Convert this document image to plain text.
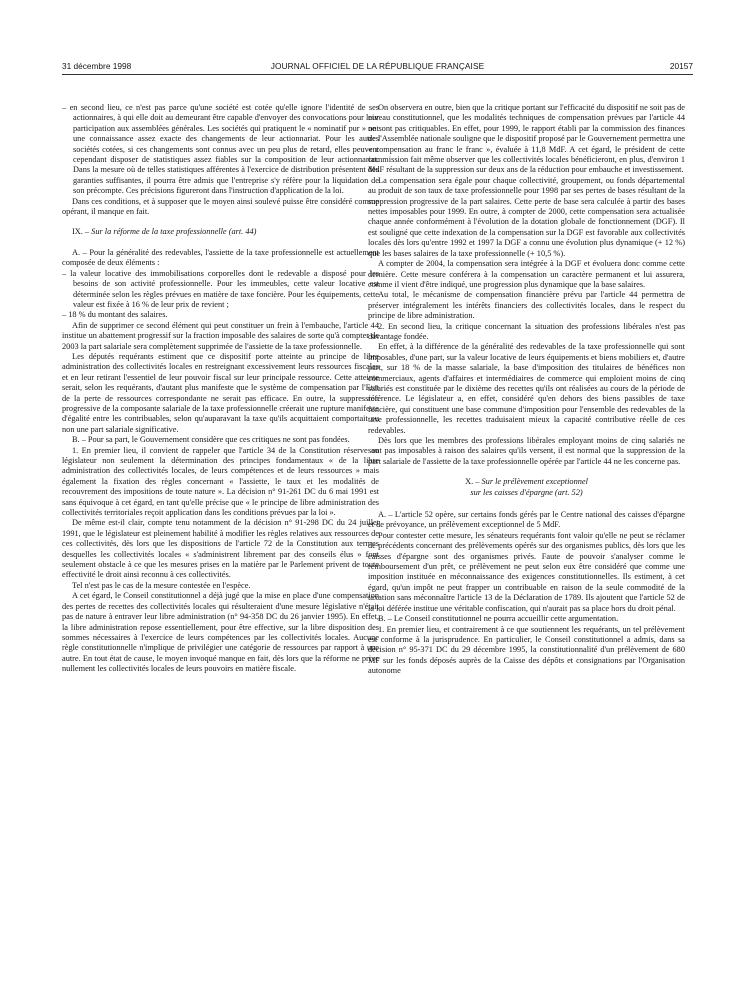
31 décembre 1998	JOURNAL OFFICIEL DE LA RÉPUBLIQUE FRANÇAISE	20157

– en second lieu, ce n'est pas parce qu'une société est cotée qu'elle ignore l'identité de ses actionnaires, à qui elle doit au demeurant être capable d'envoyer des convocations pour leur participation aux assemblées générales. Les sociétés qui pratiquent le « nominatif pur » ont une connaissance assez exacte des changements de leur actionnariat. Pour les autres sociétés cotées, si ces changements sont connus avec un peu plus de retard, elles peuvent cependant disposer de statistiques assez fiables sur la composition de leur actionnariat. Dans la mesure où de telles statistiques afférentes à l'exercice de distribution présentent des garanties suffisantes, il pourra être admis que l'entreprise s'y réfère pour la liquidation de son précompte. Ces précisions figureront dans l'instruction d'application de la loi.

Dans ces conditions, et à supposer que le moyen ainsi soulevé puisse être considéré comme opérant, il manque en fait.

IX. – Sur la réforme de la taxe professionnelle (art. 44)

A. – Pour la généralité des redevables, l'assiette de la taxe professionnelle est actuellement composée de deux éléments :

– la valeur locative des immobilisations corporelles dont le redevable a disposé pour les besoins de son activité professionnelle. Pour les immeubles, cette valeur locative est déterminée selon les règles prévues en matière de taxe foncière. Pour les équipements, cette valeur est fixée à 16 % de leur prix de revient ;

– 18 % du montant des salaires.

Afin de supprimer ce second élément qui peut constituer un frein à l'embauche, l'article 44 institue un abattement progressif sur la fraction imposable des salaires de sorte qu'à compter de 2003 la part salariale sera complètement supprimée de l'assiette de la taxe professionnelle.

Les députés requérants estiment que ce dispositif porte atteinte au principe de libre administration des collectivités locales en restreignant excessivement leurs ressources fiscales et en leur retirant l'essentiel de leur pouvoir fiscal sur leur principale ressource. Cette atteinte serait, selon les requérants, d'autant plus manifeste que le système de compensation par l'Etat de la perte de ressources correspondante ne serait pas efficace. En outre, la suppression progressive de la composante salariale de la taxe professionnelle créerait une rupture manifeste d'égalité entre les contribuables, selon qu'auparavant la taxe qu'ils acquittaient comportait ou non une part salariale significative.

B. – Pour sa part, le Gouvernement considère que ces critiques ne sont pas fondées.

1. En premier lieu, il convient de rappeler que l'article 34 de la Constitution réserve au législateur non seulement la détermination des principes fondamentaux « de la libre administration des collectivités locales, de leurs compétences et de leurs ressources » mais également la fixation des règles concernant « l'assiette, le taux et les modalités de recouvrement des impositions de toute nature ». La décision n° 91-261 DC du 6 mai 1991 est sans équivoque à cet égard, en tant qu'elle précise que « le principe de libre administration des collectivités territoriales reçoit application dans les conditions prévues par la loi ».

De même est-il clair, compte tenu notamment de la décision n° 91-298 DC du 24 juillet 1991, que le législateur est pleinement habilité à modifier les règles relatives aux ressources de ces collectivités, dès lors que les dispositions de l'article 72 de la Constitution aux termes desquelles les collectivités locales « s'administrent librement par des conseils élus » font seulement obstacle à ce que les mesures prises en la matière par le Parlement privent de toute effectivité le droit ainsi reconnu à ces collectivités.

Tel n'est pas le cas de la mesure contestée en l'espèce.

A cet égard, le Conseil constitutionnel a déjà jugé que la mise en place d'une compensation des pertes de recettes des collectivités locales qui résulteraient d'une mesure législative n'était pas de nature à entraver leur libre administration (n° 94-358 DC du 26 janvier 1995). En effet, la libre administration repose essentiellement, pour être effective, sur la libre disposition des sommes nécessaires à l'exercice de leurs compétences par les collectivités locales. Aucune règle constitutionnelle n'implique de privilégier une catégorie de ressources par rapport à une autre. En tout état de cause, le moyen invoqué manque en fait, dès lors que la réforme ne prive nullement les collectivités locales de leurs pouvoirs en matière fiscale.

On observera en outre, bien que la critique portant sur l'efficacité du dispositif ne soit pas de niveau constitutionnel, que les modalités techniques de compensation prévues par l'article 44 ne sont pas critiquables. En effet, pour 1999, le rapport établi par la commission des finances de l'Assemblée nationale souligne que le dispositif proposé par le Gouvernement permettra une « compensation au franc le franc », évaluée à 11,8 MdF. A cet égard, le président de cette commission fait même observer que les collectivités locales bénéficieront, en plus, d'environ 1 MdF résultant de la suppression sur deux ans de la réduction pour embauche et investissement.

La compensation sera égale pour chaque collectivité, groupement, ou fonds départemental au produit de son taux de taxe professionnelle pour 1998 par ses pertes de bases résultant de la suppression progressive de la part salaires. Cette perte de base sera calculée à partir des bases nettes imposables pour 1999. En outre, à compter de 2000, cette compensation sera actualisée chaque année conformément à l'évolution de la dotation globale de fonctionnement (DGF). Il est souligné que cette indexation de la compensation sur la DGF est favorable aux collectivités locales dès lors qu'entre 1992 et 1997 la DGF a connu une évolution plus dynamique (+ 12 %) que les bases salaires de la taxe professionnelle (+ 10,5 %).

A compter de 2004, la compensation sera intégrée à la DGF et évoluera donc comme cette dernière. Cette mesure conférera à la compensation un caractère permanent et lui assurera, comme il vient d'être indiqué, une progression plus dynamique que la base salaires.

Au total, le mécanisme de compensation financière prévu par l'article 44 permettra de préserver intégralement les intérêts financiers des collectivités locales, dans le respect du principe de libre administration.

2. En second lieu, la critique concernant la situation des professions libérales n'est pas davantage fondée.

En effet, à la différence de la généralité des redevables de la taxe professionnelle qui sont imposables, d'une part, sur la valeur locative de leurs équipements et biens mobiliers et, d'autre part, sur 18 % de la masse salariale, la base d'imposition des titulaires de bénéfices non commerciaux, agents d'affaires et intermédiaires de commerce qui emploient moins de cinq salariés est constituée par le dixième des recettes qu'ils ont réalisées au cours de la période de référence. Le législateur a, en effet, considéré qu'en dehors des biens passibles de taxe foncière, qui constituent une base commune d'imposition pour l'ensemble des redevables de la taxe professionnelle, les recettes traduisaient mieux la capacité contributive réelle de ces redevables.

Dès lors que les membres des professions libérales employant moins de cinq salariés ne sont pas imposables à raison des salaires qu'ils versent, il est normal que la suppression de la part salariale de l'assiette de la taxe professionnelle opérée par l'article 44 ne les concerne pas.

X. – Sur le prélèvement exceptionnel
sur les caisses d'épargne (art. 52)

A. – L'article 52 opère, sur certains fonds gérés par le Centre national des caisses d'épargne et de prévoyance, un prélèvement exceptionnel de 5 MdF.

Pour contester cette mesure, les sénateurs requérants font valoir qu'elle ne peut se réclamer de précédents concernant des prélèvements opérés sur des organismes publics, dès lors que les caisses d'épargne sont des organismes privés. Faute de pouvoir s'analyser comme le remboursement d'un prêt, ce prélèvement ne peut selon eux être considéré que comme une imposition instituée en méconnaissance des exigences constitutionnelles. Ils estiment, à cet égard, qu'un impôt ne peut frapper un contribuable en raison de la seule commodité de la taxation sans méconnaître l'article 13 de la Déclaration de 1789. Ils ajoutent que l'article 52 de la loi déférée institue une véritable confiscation, qui n'aurait pas sa place hors du droit pénal.

B. – Le Conseil constitutionnel ne pourra accueillir cette argumentation.

1. En premier lieu, et contrairement à ce que soutiennent les requérants, un tel prélèvement est conforme à la jurisprudence. En particulier, le Conseil constitutionnel a admis, dans sa décision n° 95-371 DC du 29 décembre 1995, la constitutionnalité d'un prélèvement de 680 MF sur les fonds déposés auprès de la Caisse des dépôts et consignations par l'Organisation autonome
